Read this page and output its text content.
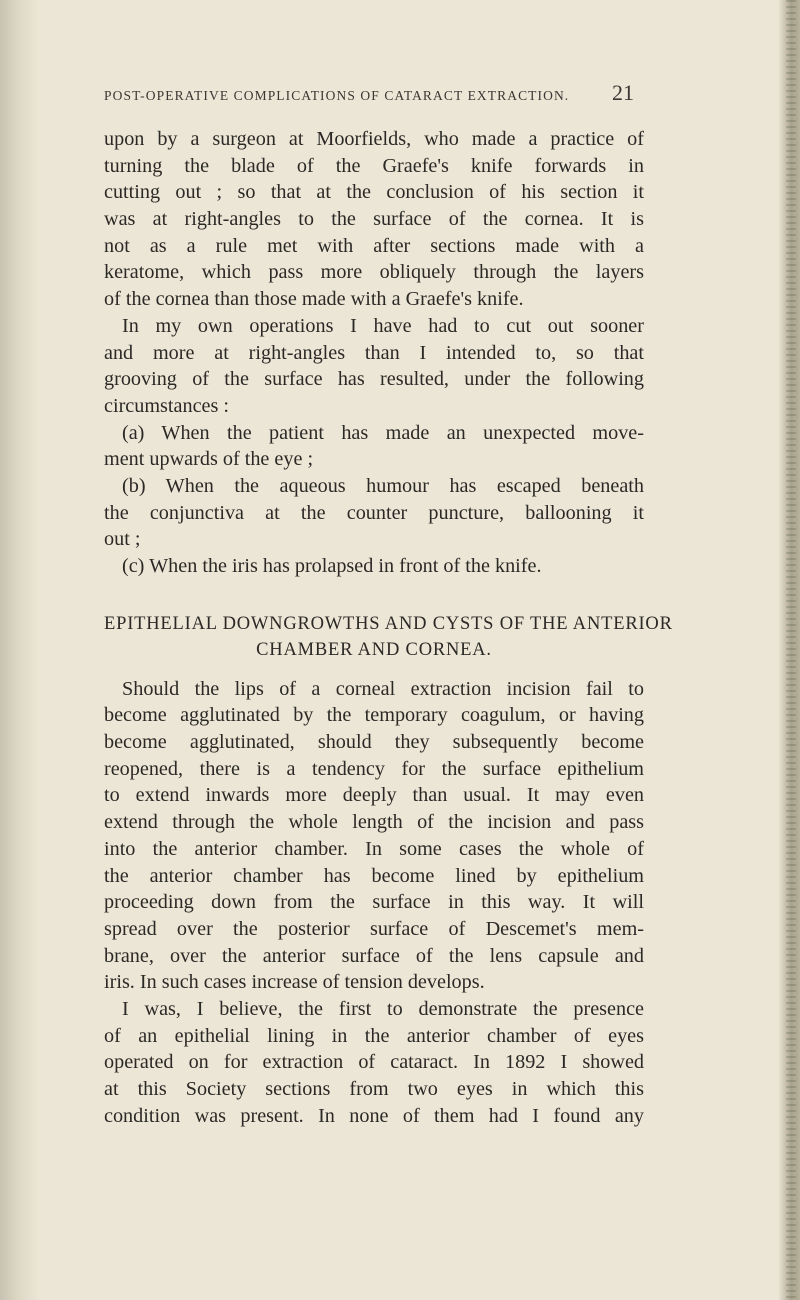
POST-OPERATIVE COMPLICATIONS OF CATARACT EXTRACTION.	21
upon by a surgeon at Moorfields, who made a practice of
turning the blade of the Graefe's knife forwards in
cutting out ; so that at the conclusion of his section it
was at right-angles to the surface of the cornea. It is
not as a rule met with after sections made with a
keratome, which pass more obliquely through the layers
of the cornea than those made with a Graefe's knife.
In my own operations I have had to cut out sooner
and more at right-angles than I intended to, so that
grooving of the surface has resulted, under the following
circumstances :
(a) When the patient has made an unexpected move-
ment upwards of the eye ;
(b) When the aqueous humour has escaped beneath
the conjunctiva at the counter puncture, ballooning it
out ;
(c) When the iris has prolapsed in front of the knife.
EPITHELIAL DOWNGROWTHS AND CYSTS OF THE ANTERIOR
CHAMBER AND CORNEA.
Should the lips of a corneal extraction incision fail to
become agglutinated by the temporary coagulum, or having
become agglutinated, should they subsequently become
reopened, there is a tendency for the surface epithelium
to extend inwards more deeply than usual. It may even
extend through the whole length of the incision and pass
into the anterior chamber. In some cases the whole of
the anterior chamber has become lined by epithelium
proceeding down from the surface in this way. It will
spread over the posterior surface of Descemet's mem-
brane, over the anterior surface of the lens capsule and
iris. In such cases increase of tension develops.
I was, I believe, the first to demonstrate the presence
of an epithelial lining in the anterior chamber of eyes
operated on for extraction of cataract. In 1892 I showed
at this Society sections from two eyes in which this
condition was present. In none of them had I found any
